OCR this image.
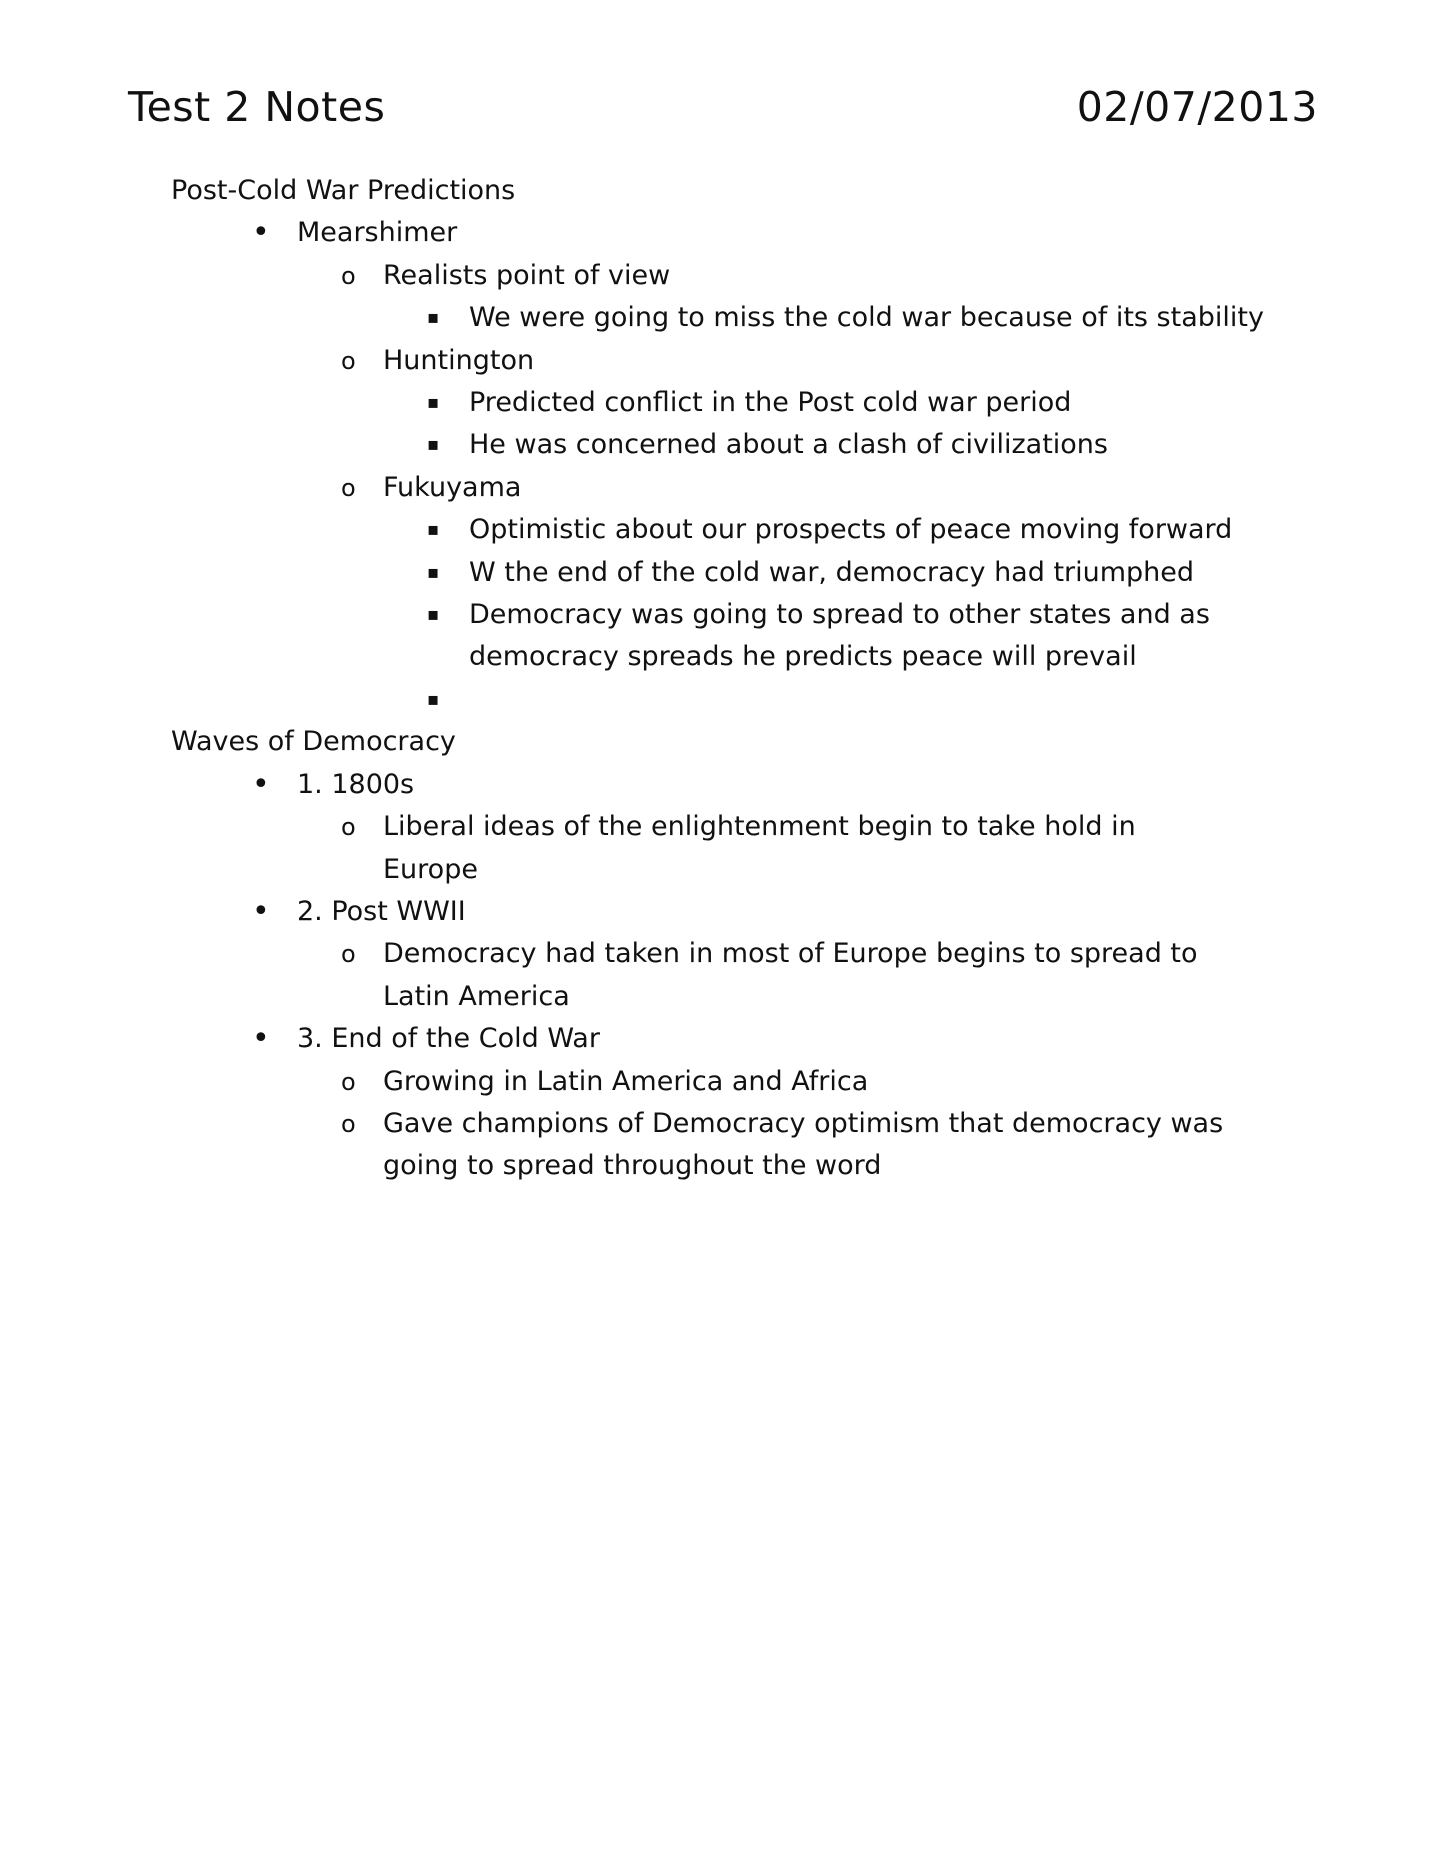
Test 2 Notes	02/07/2013
Post-Cold War Predictions
•	Mearshimer
o	Realists point of view
▪	We were going to miss the cold war because of its stability
o	Huntington
▪	Predicted conflict in the Post cold war period
▪	He was concerned about a clash of civilizations
o	Fukuyama
▪	Optimistic about our prospects of peace moving forward
▪	W the end of the cold war, democracy had triumphed
▪	Democracy was going to spread to other states and as democracy spreads he predicts peace will prevail
▪
Waves of Democracy
•	1. 1800s
o	Liberal ideas of the enlightenment begin to take hold in Europe
•	2. Post WWII
o	Democracy had taken in most of Europe begins to spread to Latin America
•	3. End of the Cold War
o	Growing in Latin America and Africa
o	Gave champions of Democracy optimism that democracy was going to spread throughout the word
